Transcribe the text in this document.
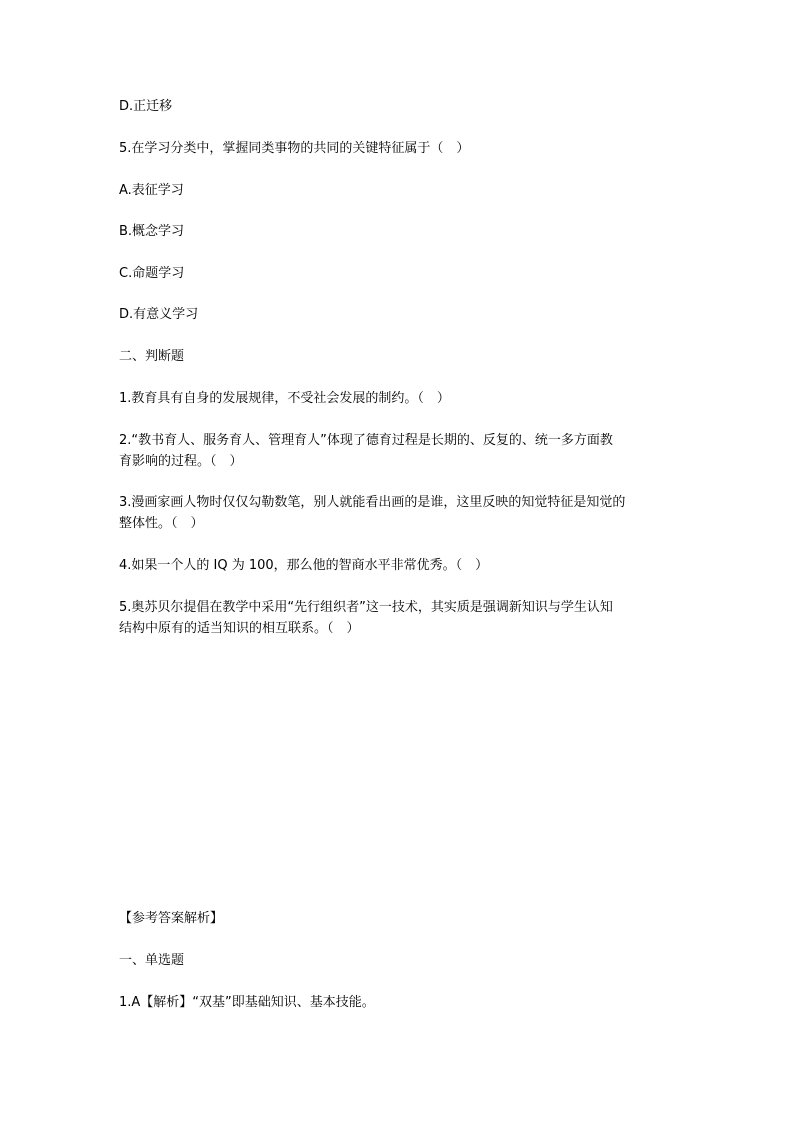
D.正迁移
5.在学习分类中，掌握同类事物的共同的关键特征属于（　）
A.表征学习
B.概念学习
C.命题学习
D.有意义学习
二、判断题
1.教育具有自身的发展规律，不受社会发展的制约。（　）
2.“教书育人、服务育人、管理育人”体现了德育过程是长期的、反复的、统一多方面教
育影响的过程。（　）
3.漫画家画人物时仅仅勾勒数笔，别人就能看出画的是谁，这里反映的知觉特征是知觉的
整体性。（　）
4.如果一个人的 IQ 为 100，那么他的智商水平非常优秀。（　）
5.奥苏贝尔提倡在教学中采用“先行组织者”这一技术，其实质是强调新知识与学生认知
结构中原有的适当知识的相互联系。（　）
【参考答案解析】
一、单选题
1.A【解析】“双基”即基础知识、基本技能。
